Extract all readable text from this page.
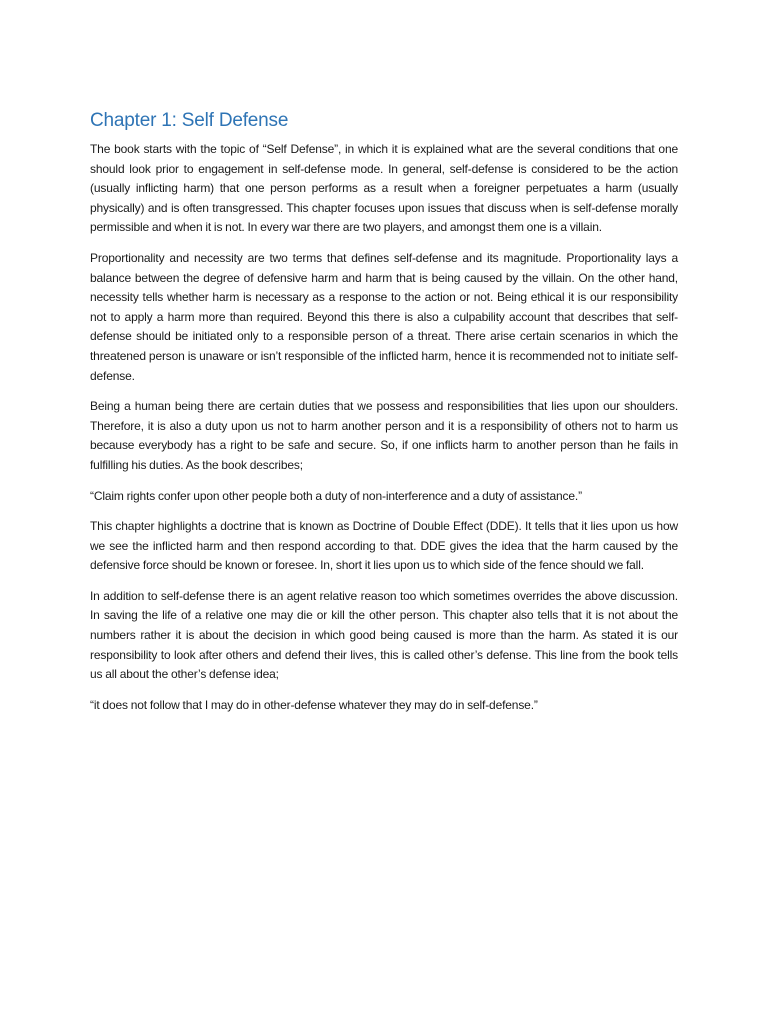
Chapter 1: Self Defense

The book starts with the topic of “Self Defense”, in which it is explained what are the several conditions that one should look prior to engagement in self-defense mode. In general, self-defense is considered to be the action (usually inflicting harm) that one person performs as a result when a foreigner perpetuates a harm (usually physically) and is often transgressed. This chapter focuses upon issues that discuss when is self-defense morally permissible and when it is not. In every war there are two players, and amongst them one is a villain.

Proportionality and necessity are two terms that defines self-defense and its magnitude. Proportionality lays a balance between the degree of defensive harm and harm that is being caused by the villain. On the other hand, necessity tells whether harm is necessary as a response to the action or not. Being ethical it is our responsibility not to apply a harm more than required. Beyond this there is also a culpability account that describes that self-defense should be initiated only to a responsible person of a threat. There arise certain scenarios in which the threatened person is unaware or isn’t responsible of the inflicted harm, hence it is recommended not to initiate self-defense.

Being a human being there are certain duties that we possess and responsibilities that lies upon our shoulders. Therefore, it is also a duty upon us not to harm another person and it is a responsibility of others not to harm us because everybody has a right to be safe and secure. So, if one inflicts harm to another person than he fails in fulfilling his duties. As the book describes;

“Claim rights confer upon other people both a duty of non-interference and a duty of assistance.”

This chapter highlights a doctrine that is known as Doctrine of Double Effect (DDE). It tells that it lies upon us how we see the inflicted harm and then respond according to that. DDE gives the idea that the harm caused by the defensive force should be known or foresee. In, short it lies upon us to which side of the fence should we fall.

In addition to self-defense there is an agent relative reason too which sometimes overrides the above discussion. In saving the life of a relative one may die or kill the other person. This chapter also tells that it is not about the numbers rather it is about the decision in which good being caused is more than the harm. As stated it is our responsibility to look after others and defend their lives, this is called other’s defense. This line from the book tells us all about the other’s defense idea;

“it does not follow that I may do in other-defense whatever they may do in self-defense.”
